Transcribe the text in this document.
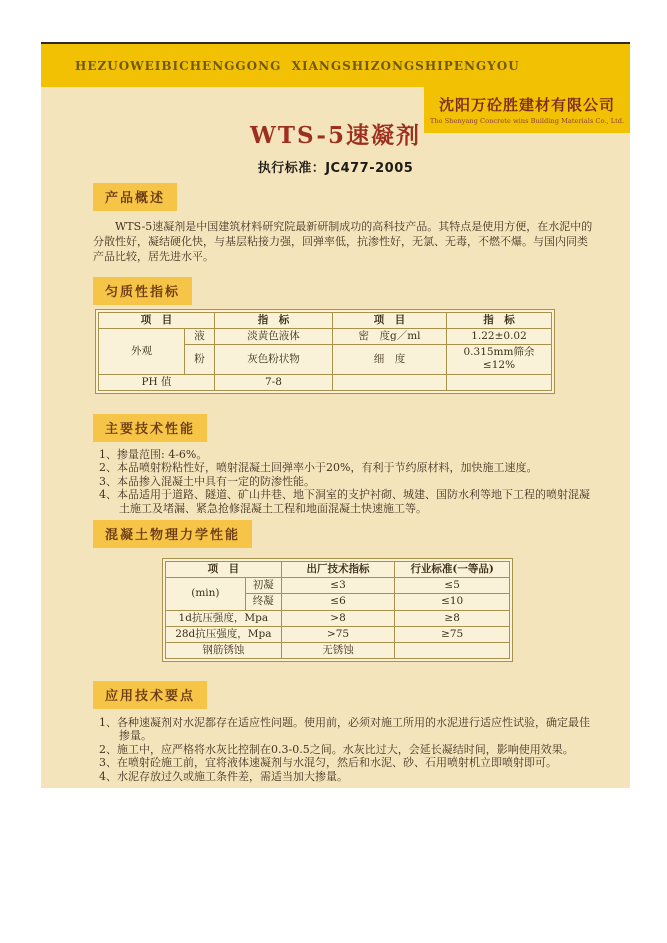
HEZUOWEIBICHENGGONG  XIANGSHIZONGSHIPENGYOU
沈阳万砼胜建材有限公司
The Shenyang Concrete wins Building Materials Co., Ltd.
WTS-5速凝剂
执行标准：JC477-2005
产品概述

WTS-5速凝剂是中国建筑材料研究院最新研制成功的高科技产品。其特点是使用方便，在水泥中的分散性好，凝结硬化快，与基层粘接力强，回弹率低，抗渗性好，无氯、无毒，不燃不爆。与国内同类产品比较，居先进水平。

匀质性指标
项　目		指　标	项　目	指　标
外观	液	淡黄色液体	密　度g／ml	1.22±0.02
	粉	灰色粉状物	细　度	0.315mm筛余≤12%
PH 值		7-8		
主要技术性能
1、掺量范围: 4-6%。
2、本品喷射粉粘性好，喷射混凝土回弹率小于20%，有利于节约原材料，加快施工速度。
3、本品掺入混凝土中具有一定的防渗性能。
4、本品适用于道路、隧道、矿山井巷、地下洞室的支护衬砌、城建、国防水利等地下工程的喷射混凝土施工及堵漏、紧急抢修混凝土工程和地面混凝土快速施工等。
混凝土物理力学性能
项　目		出厂技术指标	行业标准(一等品)
(min)	初凝	≤3	≤5
	终凝	≤6	≤10
1d抗压强度，Mpa		>8	≥8
28d抗压强度，Mpa		>75	≥75
钢筋锈蚀		无锈蚀	
应用技术要点
1、各种速凝剂对水泥都存在适应性问题。使用前，必须对施工所用的水泥进行适应性试验，确定最佳掺量。
2、施工中，应严格将水灰比控制在0.3-0.5之间。水灰比过大，会延长凝结时间，影响使用效果。
3、在喷射砼施工前，宜将液体速凝剂与水混匀，然后和水泥、砂、石用喷射机立即喷射即可。
4、水泥存放过久或施工条件差，需适当加大掺量。
